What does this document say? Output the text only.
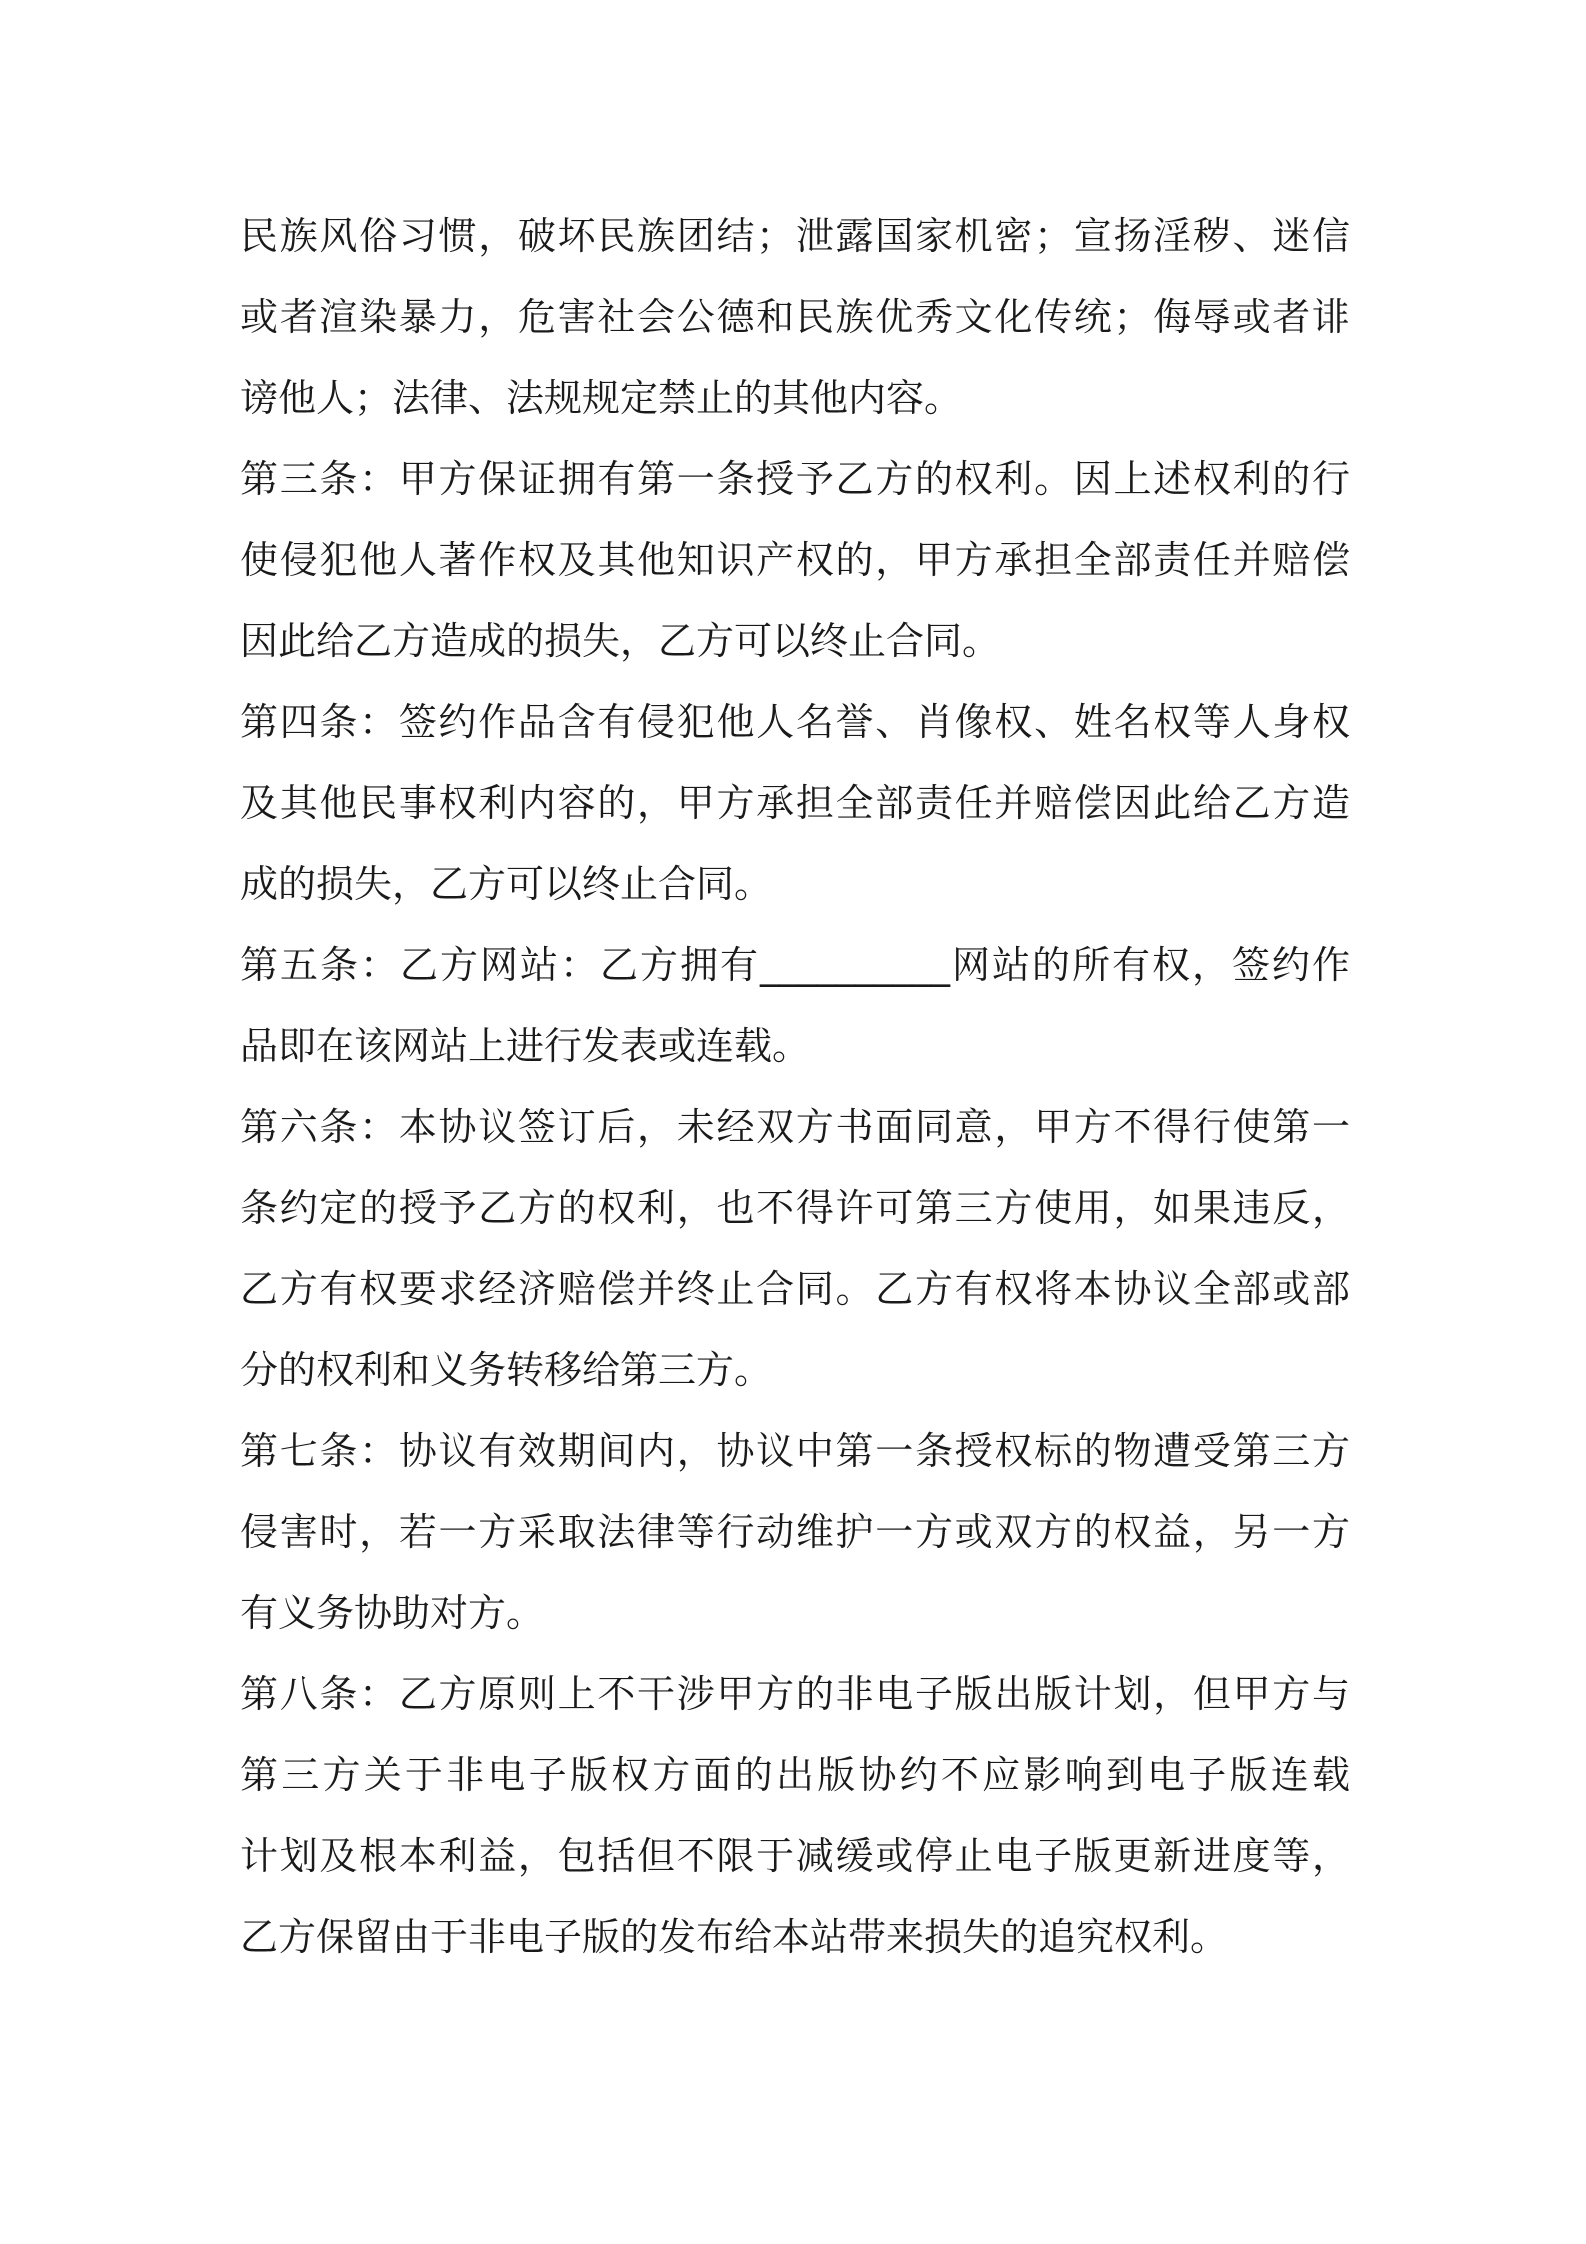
民族风俗习惯，破坏民族团结；泄露国家机密；宣扬淫秽、迷信
或者渲染暴力，危害社会公德和民族优秀文化传统；侮辱或者诽
谤他人；法律、法规规定禁止的其他内容。
第三条：甲方保证拥有第一条授予乙方的权利。因上述权利的行
使侵犯他人著作权及其他知识产权的，甲方承担全部责任并赔偿
因此给乙方造成的损失，乙方可以终止合同。
第四条：签约作品含有侵犯他人名誉、肖像权、姓名权等人身权
及其他民事权利内容的，甲方承担全部责任并赔偿因此给乙方造
成的损失，乙方可以终止合同。
第五条：乙方网站：乙方拥有__________网站的所有权，签约作
品即在该网站上进行发表或连载。
第六条：本协议签订后，未经双方书面同意，甲方不得行使第一
条约定的授予乙方的权利，也不得许可第三方使用，如果违反，
乙方有权要求经济赔偿并终止合同。乙方有权将本协议全部或部
分的权利和义务转移给第三方。
第七条：协议有效期间内，协议中第一条授权标的物遭受第三方
侵害时，若一方采取法律等行动维护一方或双方的权益，另一方
有义务协助对方。
第八条：乙方原则上不干涉甲方的非电子版出版计划，但甲方与
第三方关于非电子版权方面的出版协约不应影响到电子版连载
计划及根本利益，包括但不限于减缓或停止电子版更新进度等，
乙方保留由于非电子版的发布给本站带来损失的追究权利。
